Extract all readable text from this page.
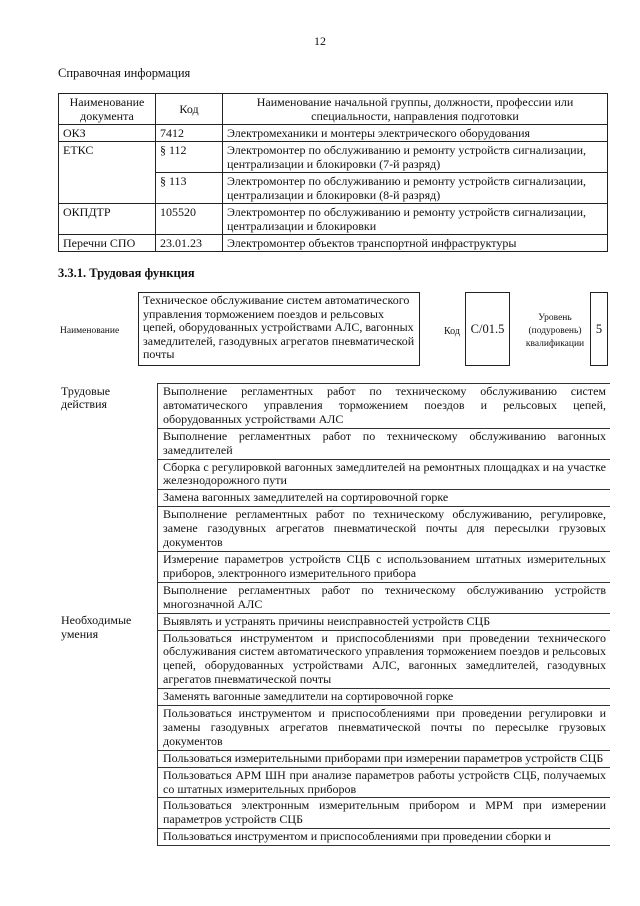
12
Справочная информация
Наименование документа	Код	Наименование начальной группы, должности, профессии или специальности, направления подготовки
ОКЗ	7412	Электромеханики и монтеры электрического оборудования
ЕТКС	§ 112	Электромонтер по обслуживанию и ремонту устройств сигнализации, централизации и блокировки (7-й разряд)
	§ 113	Электромонтер по обслуживанию и ремонту устройств сигнализации, централизации и блокировки (8-й разряд)
ОКПДТР	105520	Электромонтер по обслуживанию и ремонту устройств сигнализации, централизации и блокировки
Перечни СПО	23.01.23	Электромонтер объектов транспортной инфраструктуры
3.3.1. Трудовая функция
Наименование
Техническое обслуживание систем автоматического управления торможением поездов и рельсовых цепей, оборудованных устройствами АЛС, вагонных замедлителей, газодувных агрегатов пневматической почты
Код С/01.5
Уровень (подуровень) квалификации
5
Трудовые действия	Выполнение регламентных работ по техническому обслуживанию систем автоматического управления торможением поездов и рельсовых цепей, оборудованных устройствами АЛС
	Выполнение регламентных работ по техническому обслуживанию вагонных замедлителей
	Сборка с регулировкой вагонных замедлителей на ремонтных площадках и на участке железнодорожного пути
	Замена вагонных замедлителей на сортировочной горке
	Выполнение регламентных работ по техническому обслуживанию, регулировке, замене газодувных агрегатов пневматической почты для пересылки грузовых документов
	Измерение параметров устройств СЦБ с использованием штатных измерительных приборов, электронного измерительного прибора
	Выполнение регламентных работ по техническому обслуживанию устройств многозначной АЛС
Необходимые умения	Выявлять и устранять причины неисправностей устройств СЦБ
	Пользоваться инструментом и приспособлениями при проведении технического обслуживания систем автоматического управления торможением поездов и рельсовых цепей, оборудованных устройствами АЛС, вагонных замедлителей, газодувных агрегатов пневматической почты
	Заменять вагонные замедлители на сортировочной горке
	Пользоваться инструментом и приспособлениями при проведении регулировки и замены газодувных агрегатов пневматической почты по пересылке грузовых документов
	Пользоваться измерительными приборами при измерении параметров устройств СЦБ
	Пользоваться АРМ ШН при анализе параметров работы устройств СЦБ, получаемых со штатных измерительных приборов
	Пользоваться электронным измерительным прибором и МРМ при измерении параметров устройств СЦБ
	Пользоваться инструментом и приспособлениями при проведении сборки и
